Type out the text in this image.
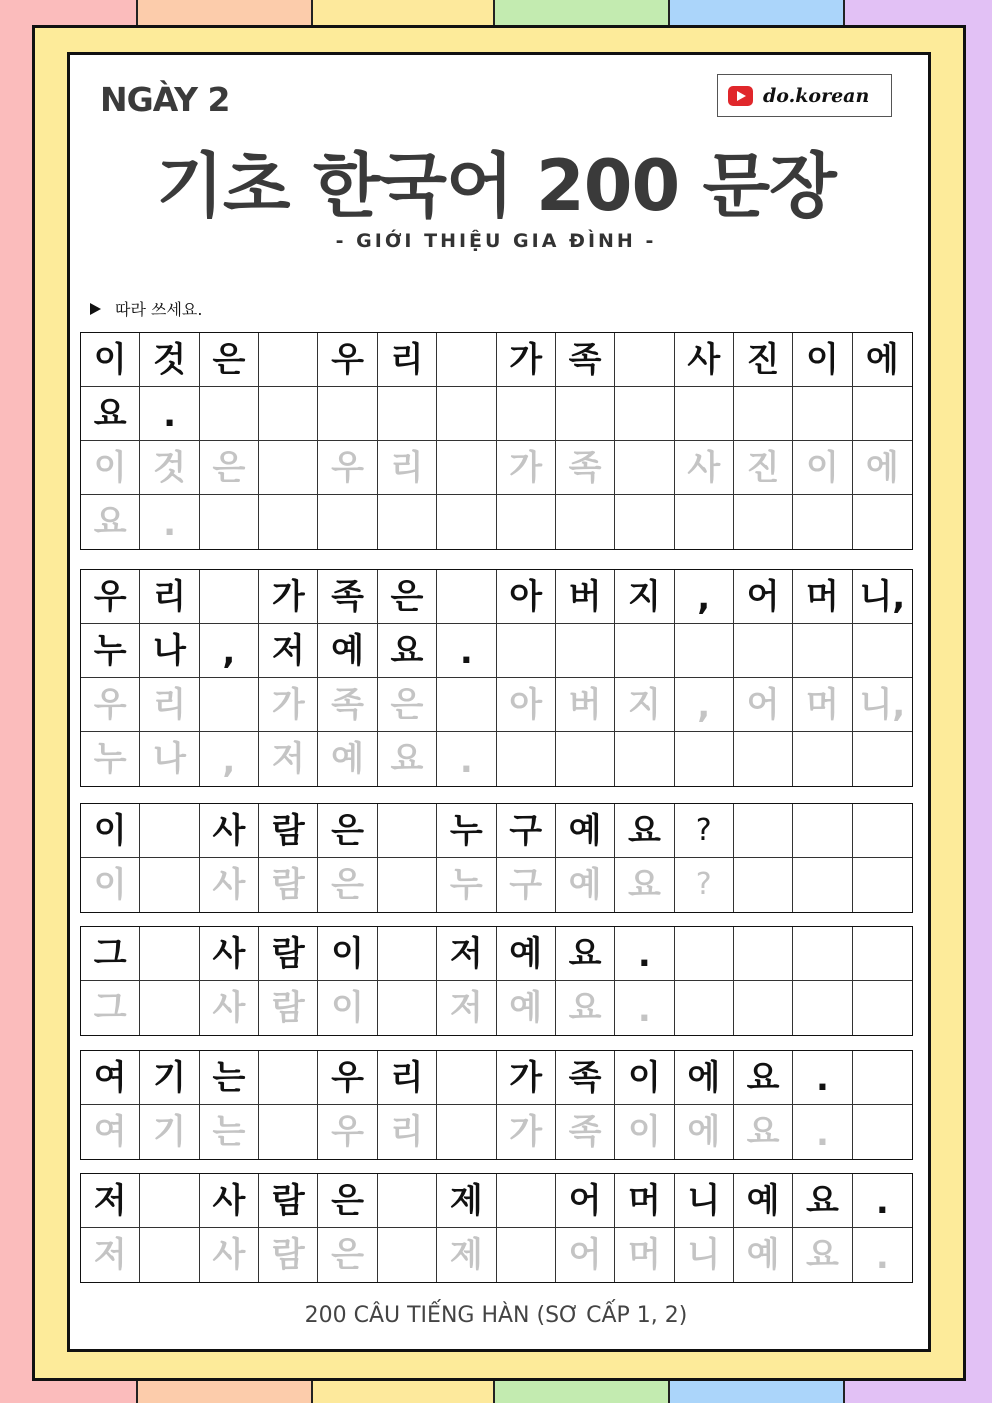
NGÀY 2	do.korean
기초 한국어 200 문장
- GIỚI THIỆU GIA ĐÌNH -
따라 쓰세요.
이 것 은	우 리	가 족	사 진 이 에
요	.
이 것 은	우 리	가 족	사 진 이 에
요	.
우 리	가 족 은	아 버 지	,	어 머 니,
누 나	,	저 예 요	.
우 리	가 족 은	아 버 지	,	어 머 니,
누 나	,	저 예 요	.
이	사 람 은	누 구 예 요	?
이	사 람 은	누 구 예 요	?
그	사 람 이	저 예 요	.
그	사 람 이	저 예 요	.
여 기 는	우 리	가 족 이 에 요	.
여 기 는	우 리	가 족 이 에 요	.
저	사 람 은	제	어 머 니 예 요	.
저	사 람 은	제	어 머 니 예 요	.
200 CÂU TIẾNG HÀN (SƠ CẤP 1, 2)
